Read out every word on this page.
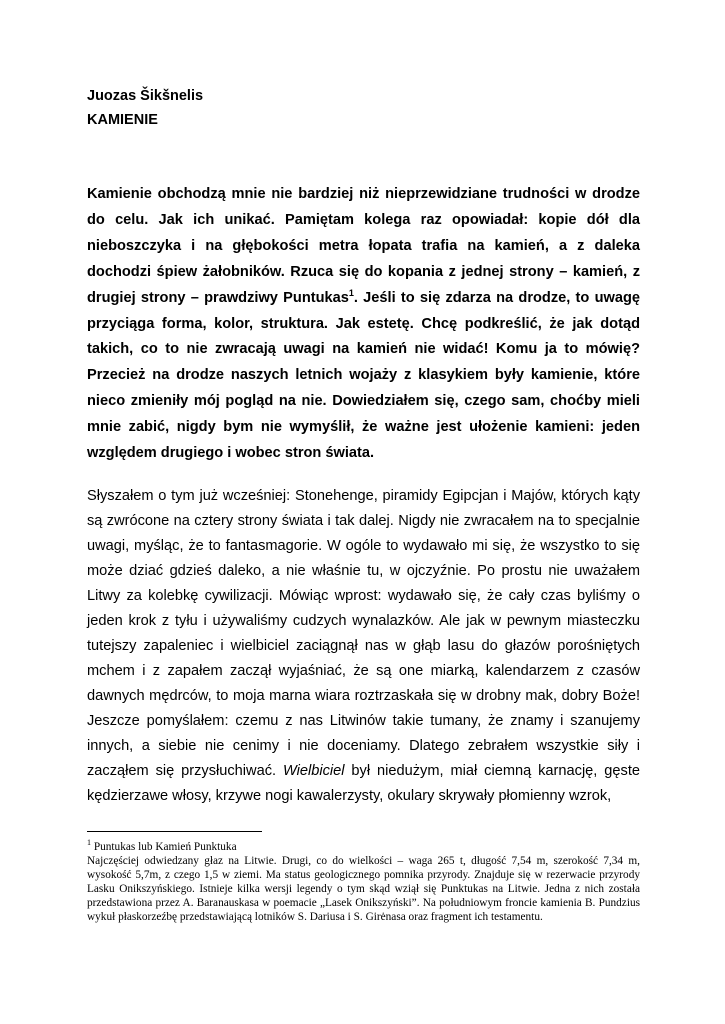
Juozas Šikšnelis
KAMIENIE

Kamienie obchodzą mnie nie bardziej niż nieprzewidziane trudności w drodze do celu. Jak ich unikać. Pamiętam kolega raz opowiadał: kopie dół dla nieboszczyka i na głębokości metra łopata trafia na kamień, a z daleka dochodzi śpiew żałobników. Rzuca się do kopania z jednej strony – kamień, z drugiej strony – prawdziwy Puntukas$^1$. Jeśli to się zdarza na drodze, to uwagę przyciąga forma, kolor, struktura. Jak estetę. Chcę podkreślić, że jak dotąd takich, co to nie zwracają uwagi na kamień nie widać! Komu ja to mówię? Przecież na drodze naszych letnich wojaży z klasykiem były kamienie, które nieco zmieniły mój pogląd na nie. Dowiedziałem się, czego sam, choćby mieli mnie zabić, nigdy bym nie wymyślił, że ważne jest ułożenie kamieni: jeden względem drugiego i wobec stron świata.

Słyszałem o tym już wcześniej: Stonehenge, piramidy Egipcjan i Majów, których kąty są zwrócone na cztery strony świata i tak dalej. Nigdy nie zwracałem na to specjalnie uwagi, myśląc, że to fantasmagorie. W ogóle to wydawało mi się, że wszystko to się może dziać gdzieś daleko, a nie właśnie tu, w ojczyźnie. Po prostu nie uważałem Litwy za kolebkę cywilizacji. Mówiąc wprost: wydawało się, że cały czas byliśmy o jeden krok z tyłu i używaliśmy cudzych wynalazków. Ale jak w pewnym miasteczku tutejszy zapaleniec i wielbiciel zaciągnął nas w głąb lasu do głazów porośniętych mchem i z zapałem zaczął wyjaśniać, że są one miarką, kalendarzem z czasów dawnych mędrców, to moja marna wiara roztrzaskała się w drobny mak, dobry Boże! Jeszcze pomyślałem: czemu z nas Litwinów takie tumany, że znamy i szanujemy innych, a siebie nie cenimy i nie doceniamy. Dlatego zebrałem wszystkie siły i zacząłem się przysłuchiwać. Wielbiciel był niedużym, miał ciemną karnację, gęste kędzierzawe włosy, krzywe nogi kawalerzysty, okulary skrywały płomienny wzrok,

$^1$ Puntukas lub Kamień Punktuka
Najczęściej odwiedzany głaz na Litwie. Drugi, co do wielkości – waga 265 t, długość 7,54 m, szerokość 7,34 m, wysokość 5,7m, z czego 1,5 w ziemi. Ma status geologicznego pomnika przyrody. Znajduje się w rezerwacie przyrody Lasku Onikszyńskiego. Istnieje kilka wersji legendy o tym skąd wziął się Punktukas na Litwie. Jedna z nich została przedstawiona przez A. Baranauskasa w poemacie „Lasek Onikszyński”. Na południowym froncie kamienia B. Pundzius wykuł płaskorzeźbę przedstawiającą lotników S. Dariusa i S. Girėnasa oraz fragment ich testamentu.
